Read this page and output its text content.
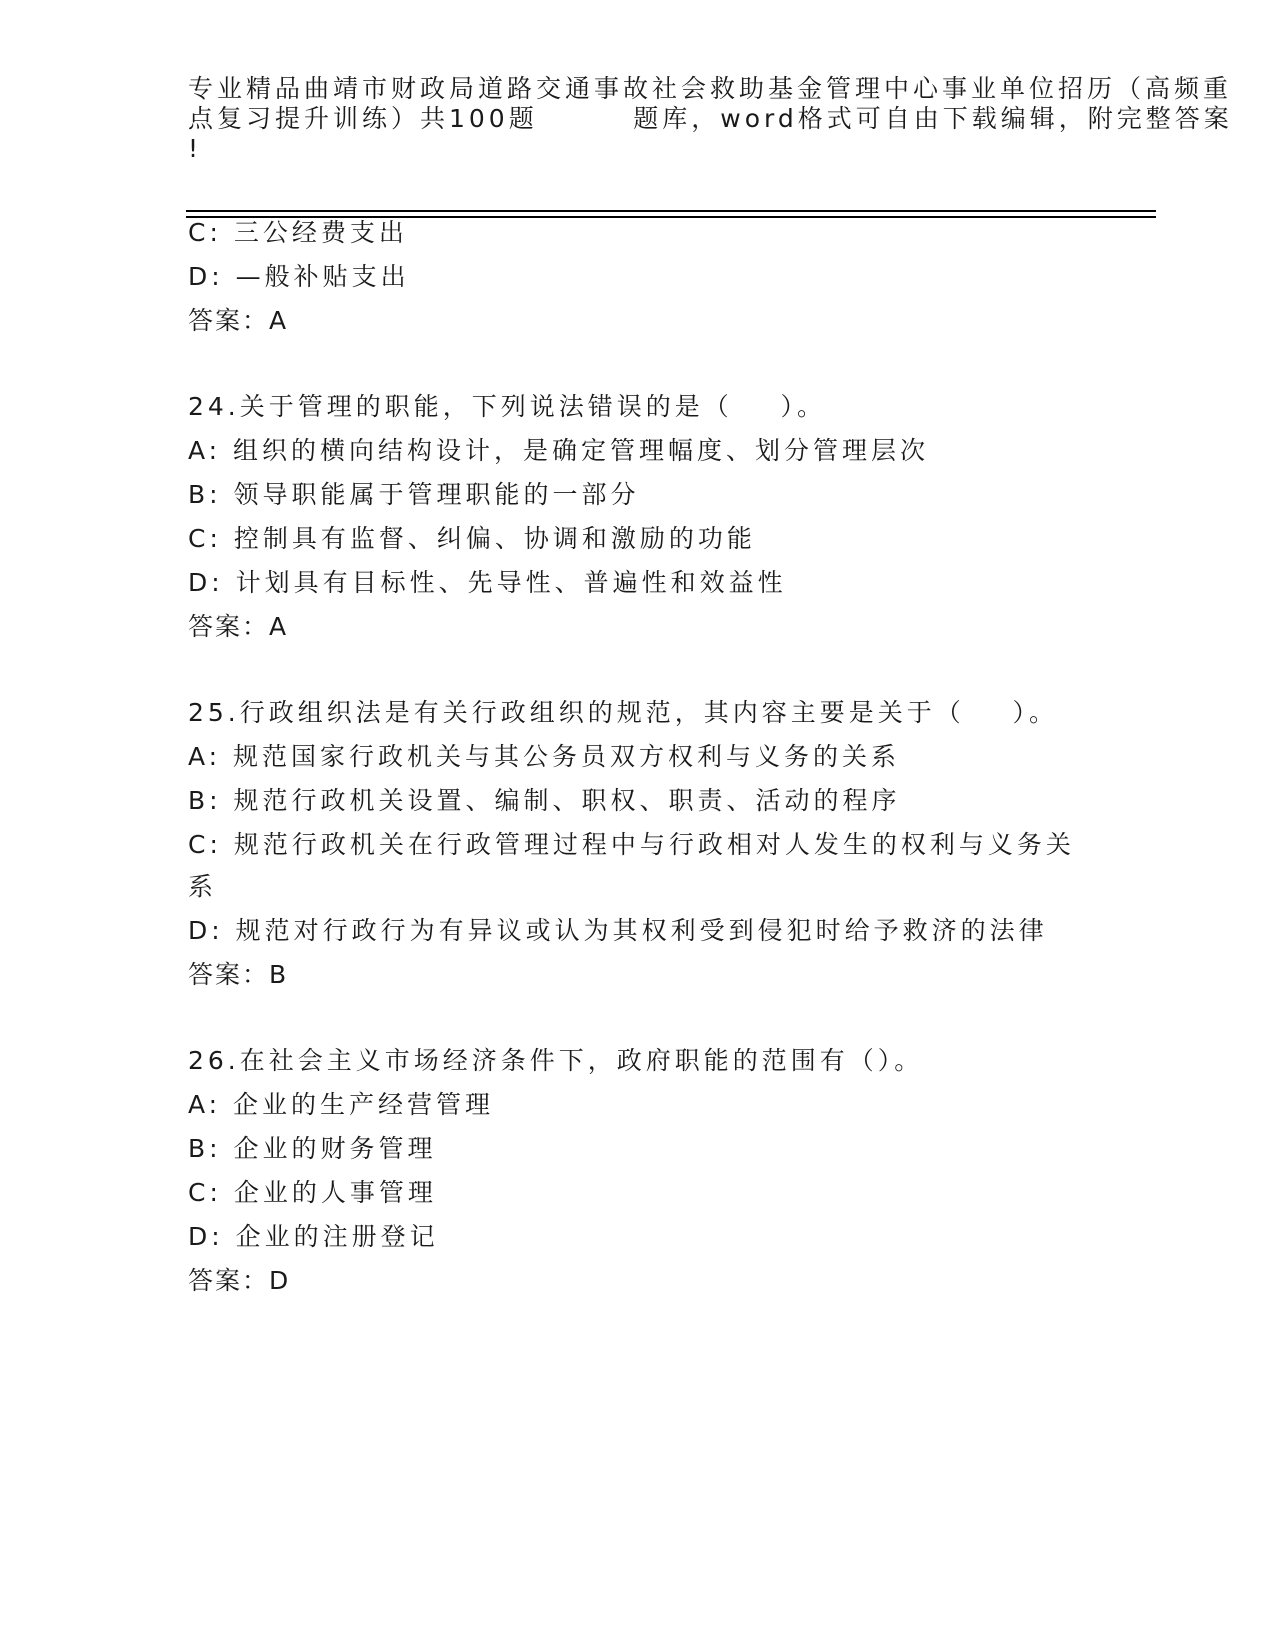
专业精品曲靖市财政局道路交通事故社会救助基金管理中心事业单位招历（高频重
点复习提升训练）共100题        题库，word格式可自由下载编辑，附完整答案
!
C: 三公经费支出
D: —般补贴支出
答案：A
24.关于管理的职能，下列说法错误的是（    ）。
A: 组织的横向结构设计，是确定管理幅度、划分管理层次
B: 领导职能属于管理职能的一部分
C: 控制具有监督、纠偏、协调和激励的功能
D: 计划具有目标性、先导性、普遍性和效益性
答案：A
25.行政组织法是有关行政组织的规范，其内容主要是关于（    ）。
A: 规范国家行政机关与其公务员双方权利与义务的关系
B: 规范行政机关设置、编制、职权、职责、活动的程序
C: 规范行政机关在行政管理过程中与行政相对人发生的权利与义务关
系
D: 规范对行政行为有异议或认为其权利受到侵犯时给予救济的法律
答案：B
26.在社会主义市场经济条件下，政府职能的范围有（）。
A: 企业的生产经营管理
B: 企业的财务管理
C: 企业的人事管理
D: 企业的注册登记
答案：D
